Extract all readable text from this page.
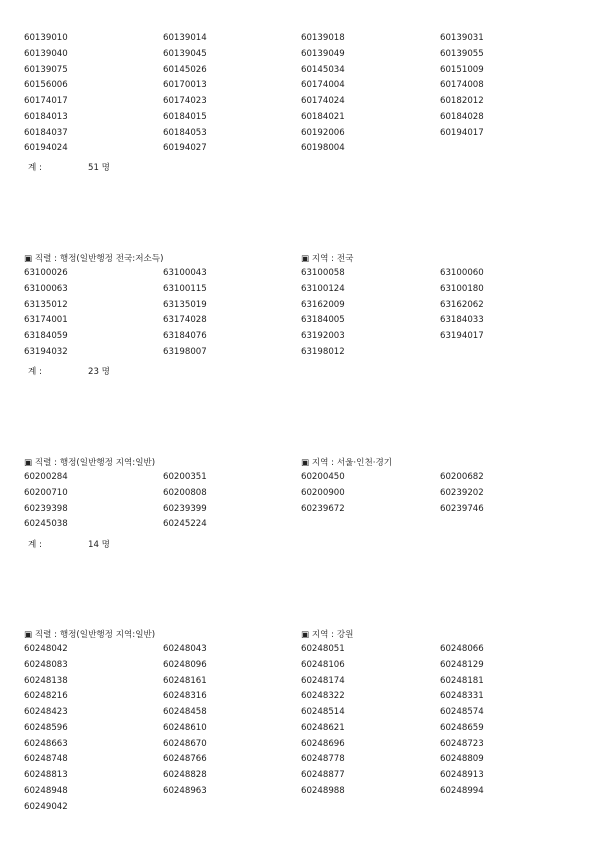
60139010	60139014	60139018	60139031
60139040	60139045	60139049	60139055
60139075	60145026	60145034	60151009
60156006	60170013	60174004	60174008
60174017	60174023	60174024	60182012
60184013	60184015	60184021	60184028
60184037	60184053	60192006	60194017
60194024	60194027	60198004
계 :	51 명
▣ 직렬 : 행정(일반행정 전국:저소득)	▣ 지역 : 전국
63100026	63100043	63100058	63100060
63100063	63100115	63100124	63100180
63135012	63135019	63162009	63162062
63174001	63174028	63184005	63184033
63184059	63184076	63192003	63194017
63194032	63198007	63198012
계 :	23 명
▣ 직렬 : 행정(일반행정 지역:일반)	▣ 지역 : 서울·인천·경기
60200284	60200351	60200450	60200682
60200710	60200808	60200900	60239202
60239398	60239399	60239672	60239746
60245038	60245224
계 :	14 명
▣ 직렬 : 행정(일반행정 지역:일반)	▣ 지역 : 강원
60248042	60248043	60248051	60248066
60248083	60248096	60248106	60248129
60248138	60248161	60248174	60248181
60248216	60248316	60248322	60248331
60248423	60248458	60248514	60248574
60248596	60248610	60248621	60248659
60248663	60248670	60248696	60248723
60248748	60248766	60248778	60248809
60248813	60248828	60248877	60248913
60248948	60248963	60248988	60248994
60249042
